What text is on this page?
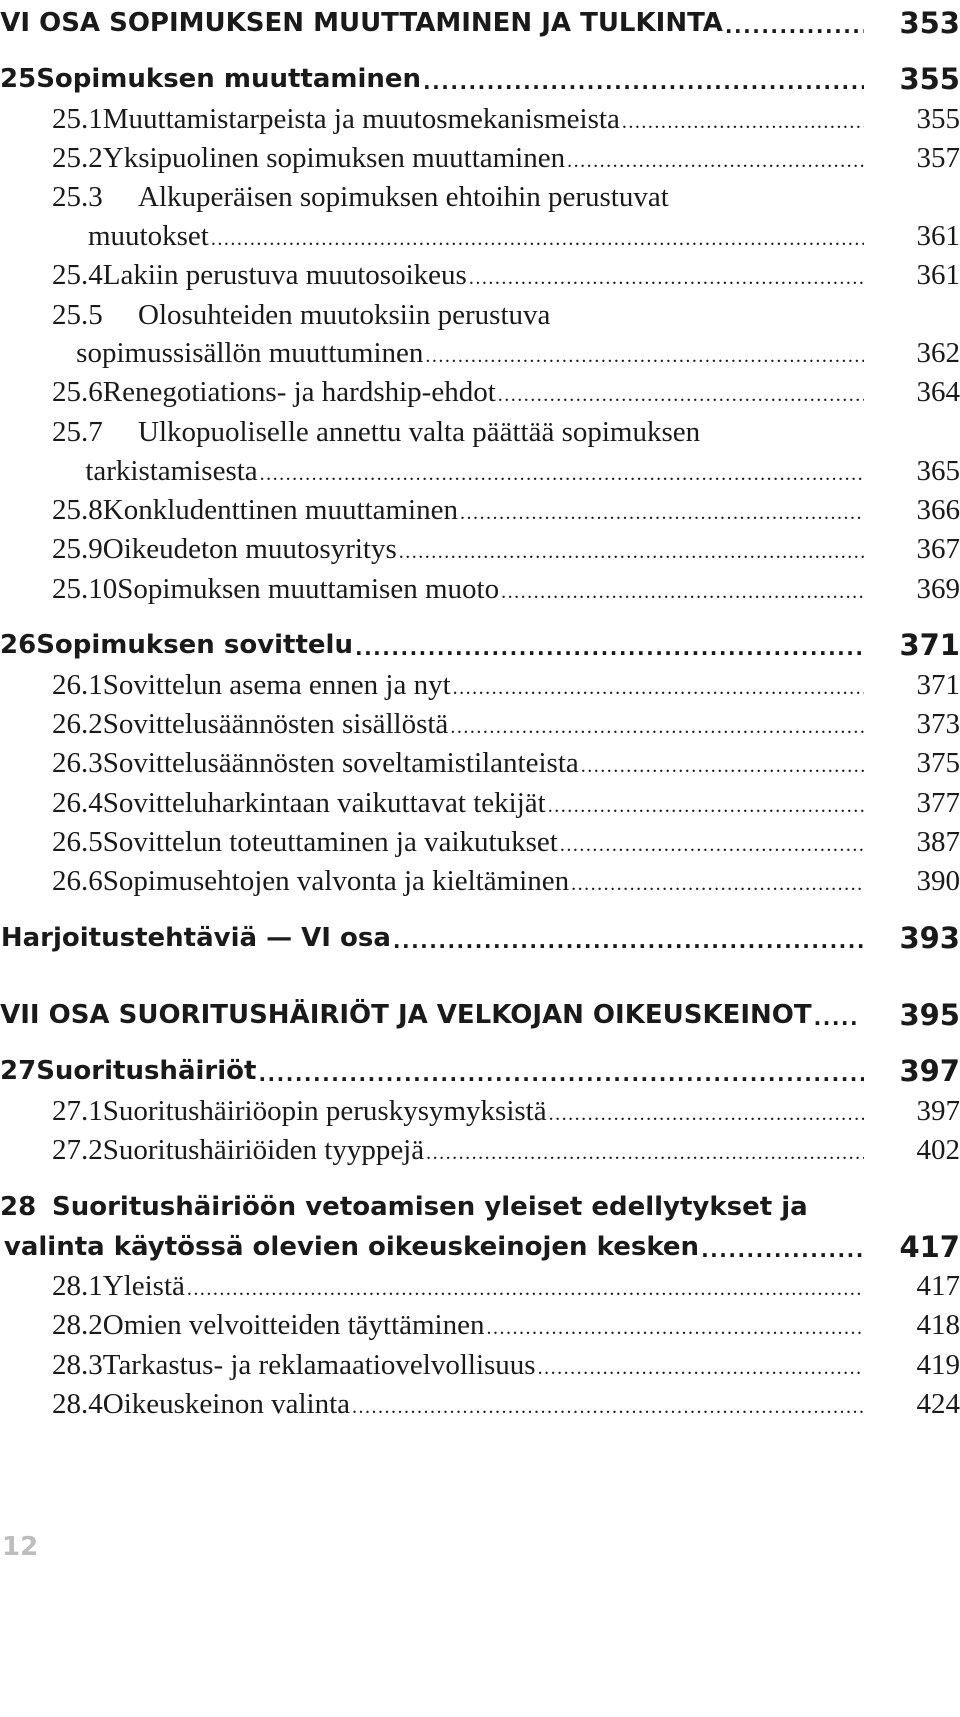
VI OSA SOPIMUKSEN MUUTTAMINEN JA TULKINTA .....	353
25 Sopimuksen muuttaminen .....	355
25.1 Muuttamistarpeista ja muutosmekanismeista .....	355
25.2 Yksipuolinen sopimuksen muuttaminen .....	357
25.3	Alkuperäisen sopimuksen ehtoihin perustuvat
muutokset .....	361
25.4 Lakiin perustuva muutosoikeus .....	361
25.5	Olosuhteiden muutoksiin perustuva
sopimussisällön muuttuminen .....	362
25.6 Renegotiations- ja hardship-ehdot .....	364
25.7	Ulkopuoliselle annettu valta päättää sopimuksen
tarkistamisesta .....	365
25.8 Konkludenttinen muuttaminen .....	366
25.9 Oikeudeton muutosyritys .....	367
25.10 Sopimuksen muuttamisen muoto .....	369
26 Sopimuksen sovittelu .....	371
26.1 Sovittelun asema ennen ja nyt .....	371
26.2 Sovittelusäännösten sisällöstä .....	373
26.3 Sovittelusäännösten soveltamistilanteista .....	375
26.4 Sovitteluharkintaan vaikuttavat tekijät .....	377
26.5 Sovittelun toteuttaminen ja vaikutukset .....	387
26.6 Sopimusehtojen valvonta ja kieltäminen .....	390
Harjoitustehtäviä — VI osa .....	393
VII OSA SUORITUSHÄIRIÖT JA VELKOJAN OIKEUSKEINOT .....	395
27 Suoritushäiriöt .....	397
27.1 Suoritushäiriöopin peruskysymyksistä .....	397
27.2 Suoritushäiriöiden tyyppejä .....	402
28 Suoritushäiriöön vetoamisen yleiset edellytykset ja
valinta käytössä olevien oikeuskeinojen kesken .....	417
28.1 Yleistä .....	417
28.2 Omien velvoitteiden täyttäminen .....	418
28.3 Tarkastus- ja reklamaatiovelvollisuus .....	419
28.4 Oikeuskeinon valinta .....	424
12
